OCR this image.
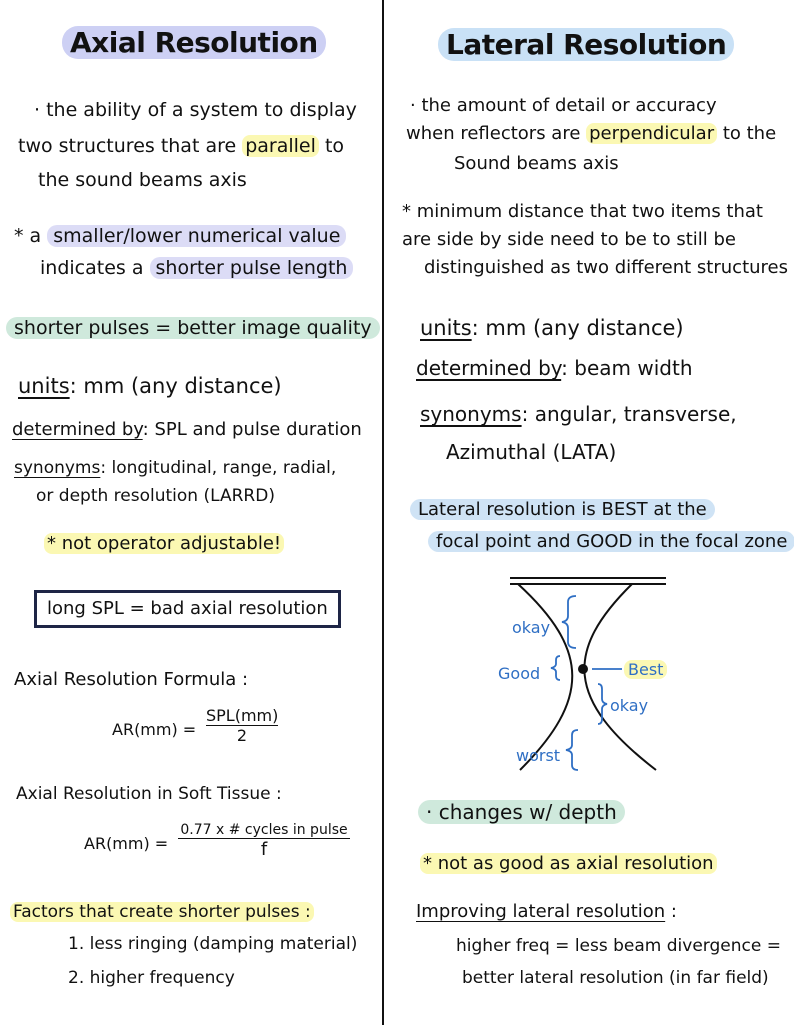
Axial Resolution
· the ability of a system to display
two structures that are parallel to
the sound beams axis
* a smaller/lower numerical value
indicates a shorter pulse length
shorter pulses = better image quality
units: mm (any distance)
determined by: SPL and pulse duration
synonyms: longitudinal, range, radial,
or depth resolution (LARRD)
* not operator adjustable!
long SPL = bad axial resolution
Axial Resolution Formula :
AR(mm) =
SPL(mm)
2
Axial Resolution in Soft Tissue :
AR(mm) =
0.77 x # cycles in pulse
f
Factors that create shorter pulses :
1. less ringing (damping material)
2. higher frequency
Lateral Resolution
· the amount of detail or accuracy
when reflectors are perpendicular to the
Sound beams axis
* minimum distance that two items that
are side by side need to be to still be
distinguished as two different structures
units: mm (any distance)
determined by: beam width
synonyms: angular, transverse,
Azimuthal (LATA)
Lateral resolution is BEST at the
focal point and GOOD in the focal zone
okay
Good	Best
okay
worst
· changes w/ depth
* not as good as axial resolution
Improving lateral resolution :
higher freq = less beam divergence =
better lateral resolution (in far field)
